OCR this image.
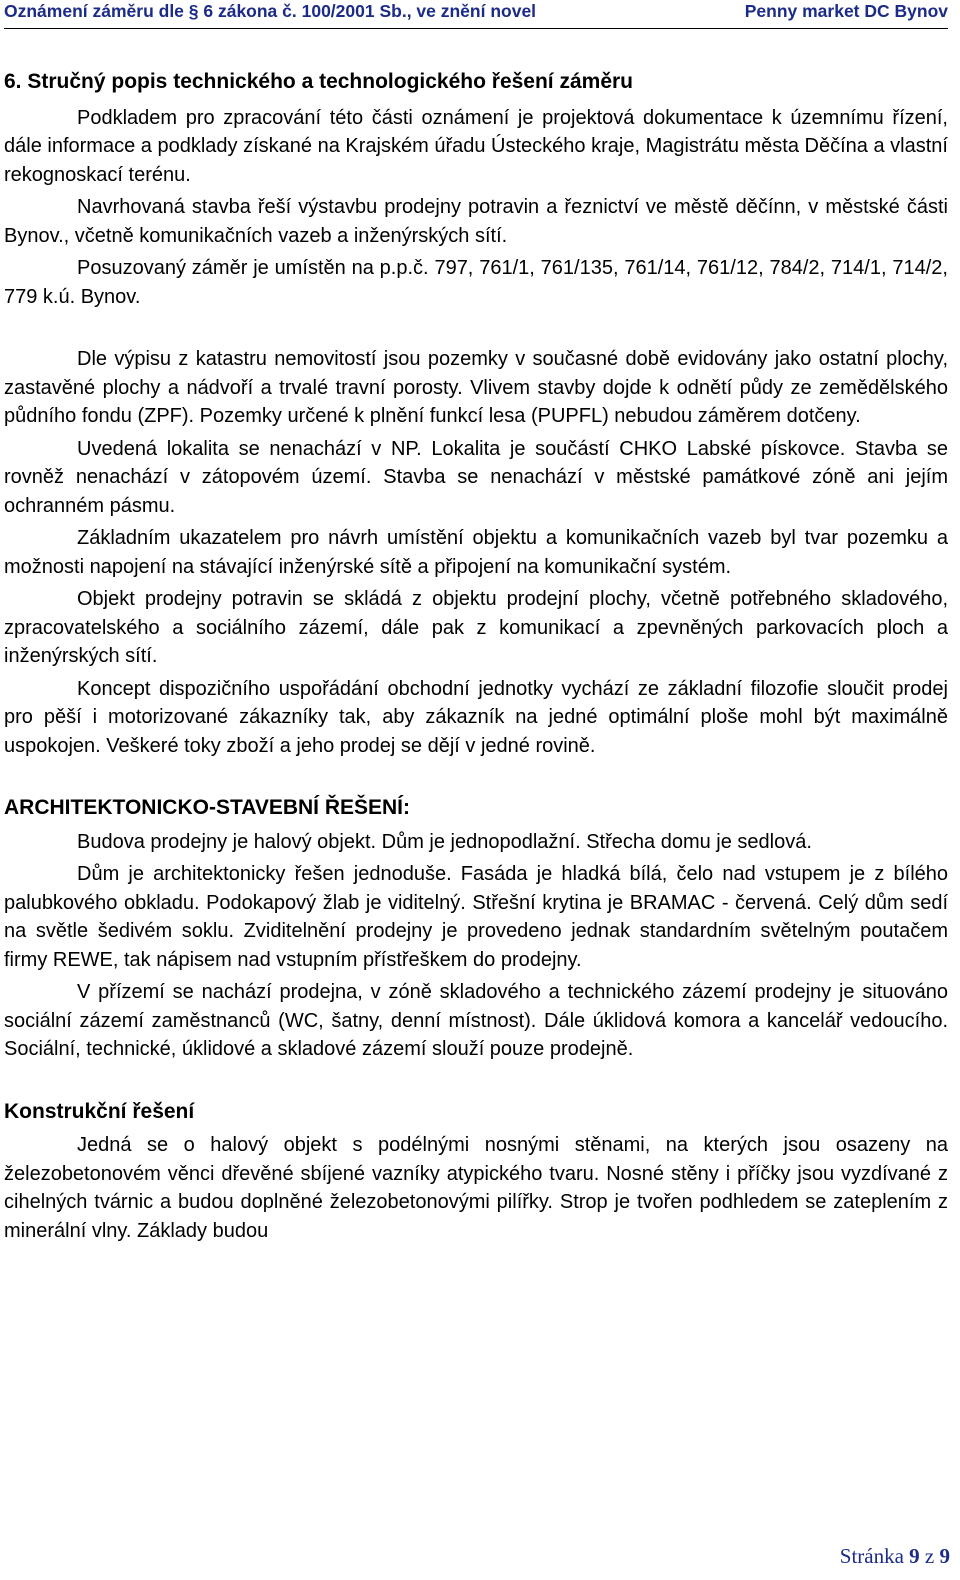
Oznámení záměru dle § 6 zákona č. 100/2001 Sb., ve znění novel	Penny market DC Bynov
6. Stručný popis technického a technologického řešení záměru

Podkladem pro zpracování této části oznámení je projektová dokumentace k územnímu řízení, dále informace a podklady získané na Krajském úřadu Ústeckého kraje, Magistrátu města Děčína a vlastní rekognoskací terénu.

Navrhovaná stavba řeší výstavbu prodejny potravin a řeznictví ve městě děčínn, v městské části Bynov., včetně komunikačních vazeb a inženýrských sítí.

Posuzovaný záměr je umístěn na p.p.č. 797, 761/1, 761/135, 761/14, 761/12, 784/2, 714/1, 714/2, 779 k.ú. Bynov.

Dle výpisu z katastru nemovitostí jsou pozemky v současné době evidovány jako ostatní plochy, zastavěné plochy a nádvoří a trvalé travní porosty. Vlivem stavby dojde k odnětí půdy ze zemědělského půdního fondu (ZPF). Pozemky určené k plnění funkcí lesa (PUPFL) nebudou záměrem dotčeny.

Uvedená lokalita se nenachází v NP. Lokalita je součástí CHKO Labské pískovce. Stavba se rovněž nenachází v zátopovém území. Stavba se nenachází v městské památkové zóně ani jejím ochranném pásmu.

Základním ukazatelem pro návrh umístění objektu a komunikačních vazeb byl tvar pozemku a možnosti napojení na stávající inženýrské sítě a připojení na komunikační systém.

Objekt prodejny potravin se skládá z objektu prodejní plochy, včetně potřebného skladového, zpracovatelského a sociálního zázemí, dále pak z komunikací a zpevněných parkovacích ploch a inženýrských sítí.

Koncept dispozičního uspořádání obchodní jednotky vychází ze základní filozofie sloučit prodej pro pěší i motorizované zákazníky tak, aby zákazník na jedné optimální ploše mohl být maximálně uspokojen. Veškeré toky zboží a jeho prodej se dějí v jedné rovině.

ARCHITEKTONICKO-STAVEBNÍ ŘEŠENÍ:

Budova prodejny je halový objekt. Dům je jednopodlažní. Střecha domu je sedlová.

Dům je architektonicky řešen jednoduše. Fasáda je hladká bílá, čelo nad vstupem je z bílého palubkového obkladu. Podokapový žlab je viditelný. Střešní krytina je BRAMAC - červená. Celý dům sedí na světle šedivém soklu. Zviditelnění prodejny je provedeno jednak standardním světelným poutačem firmy REWE, tak nápisem nad vstupním přístřeškem do prodejny.

V přízemí se nachází prodejna, v zóně skladového a technického zázemí prodejny je situováno sociální zázemí zaměstnanců (WC, šatny, denní místnost). Dále úklidová komora a kancelář vedoucího. Sociální, technické, úklidové a skladové zázemí slouží pouze prodejně.

Konstrukční řešení

Jedná se o halový objekt s podélnými nosnými stěnami, na kterých jsou osazeny na železobetonovém věnci dřevěné sbíjené vazníky atypického tvaru. Nosné stěny i příčky jsou vyzdívané z cihelných tvárnic a budou doplněné železobetonovými pilířky. Strop je tvořen podhledem se zateplením z minerální vlny. Základy budou

Stránka 9 z 9
